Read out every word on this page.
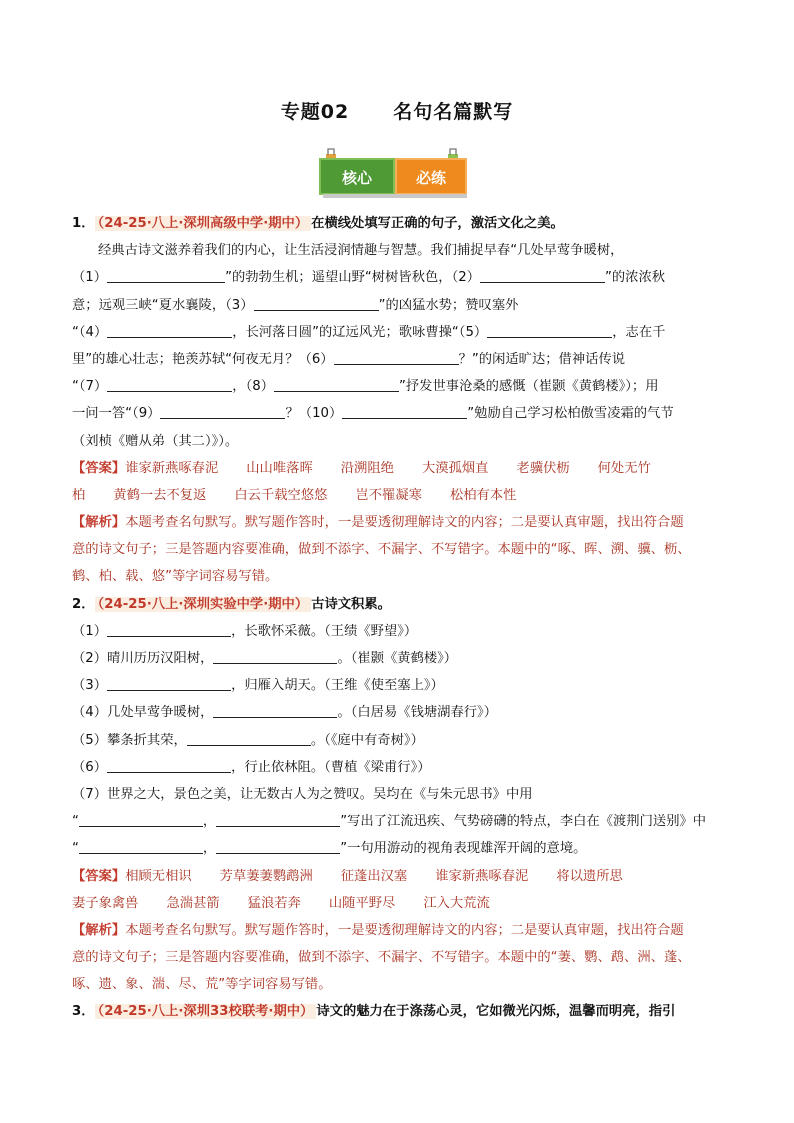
专题02 名句名篇默写
核心	必练
1． （24-25·八上·深圳高级中学·期中） 在横线处填写正确的句子，激活文化之美。
经典古诗文滋养着我们的内心，让生活浸润情趣与智慧。我们捕捉早春“几处早莺争暖树，
（1）	”的勃勃生机；遥望山野“树树皆秋色，（2）	”的浓浓秋
意；远观三峡“夏水襄陵，（3）	”的凶猛水势；赞叹塞外
“（4）	，长河落日圆”的辽远风光；歌咏曹操“（5）	，志在千
里”的雄心壮志；艳羡苏轼“何夜无月？（6）	？”的闲适旷达；借神话传说
“（7）	，（8）	”抒发世事沧桑的感慨（崔颢《黄鹤楼》）；用
一问一答“（9）	？（10）	”勉励自己学习松柏傲雪凌霜的气节
（刘桢《赠从弟（其二）》）。
【答案】谁家新燕啄春泥 山山唯落晖 沿溯阻绝 大漠孤烟直 老骥伏枥 何处无竹
柏 黄鹤一去不复返 白云千载空悠悠 岂不罹凝寒 松柏有本性
【解析】本题考查名句默写。默写题作答时，一是要透彻理解诗文的内容；二是要认真审题，找出符合题
意的诗文句子；三是答题内容要准确，做到不添字、不漏字、不写错字。本题中的“啄、晖、溯、骥、枥、
鹤、柏、载、悠”等字词容易写错。
2． （24-25·八上·深圳实验中学·期中） 古诗文积累。
（1）	，长歌怀采薇。（王绩《野望》）
（2）晴川历历汉阳树，	。（崔颢《黄鹤楼》）
（3）	，归雁入胡天。（王维《使至塞上》）
（4）几处早莺争暖树，	。（白居易《钱塘湖春行》）
（5）攀条折其荣，	。（《庭中有奇树》）
（6）	，行止依林阻。（曹植《梁甫行》）
（7）世界之大，景色之美，让无数古人为之赞叹。吴均在《与朱元思书》中用
“	，	”写出了江流迅疾、气势磅礴的特点，李白在《渡荆门送别》中
“	，	”一句用游动的视角表现雄浑开阔的意境。
【答案】相顾无相识 芳草萋萋鹦鹉洲 征蓬出汉塞 谁家新燕啄春泥 将以遗所思
妻子象禽兽 急湍甚箭 猛浪若奔 山随平野尽 江入大荒流
【解析】本题考查名句默写。默写题作答时，一是要透彻理解诗文的内容；二是要认真审题，找出符合题
意的诗文句子；三是答题内容要准确，做到不添字、不漏字、不写错字。本题中的“萋、鹦、鹉、洲、蓬、
啄、遗、象、湍、尽、荒”等字词容易写错。
3． （24-25·八上·深圳33校联考·期中） 诗文的魅力在于涤荡心灵，它如微光闪烁，温馨而明亮，指引
